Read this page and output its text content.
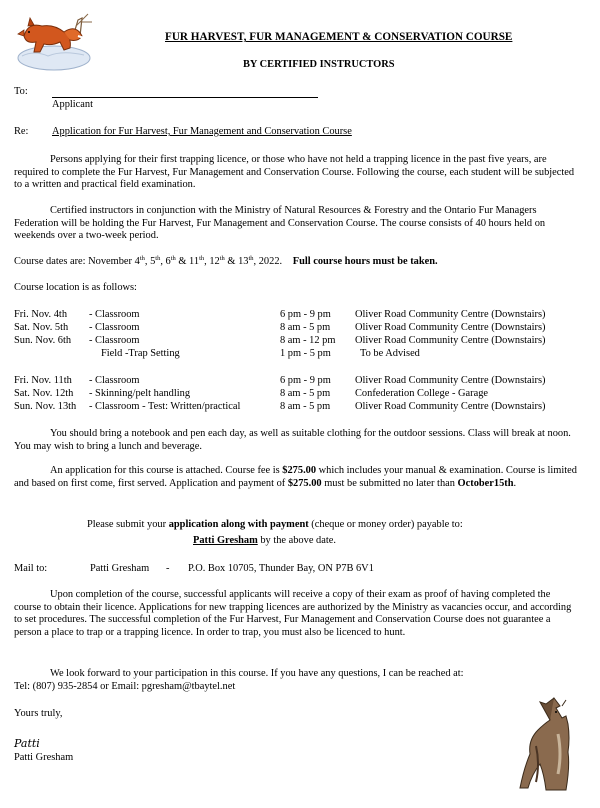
FUR HARVEST, FUR MANAGEMENT & CONSERVATION COURSE
BY CERTIFIED INSTRUCTORS
To:
Applicant
Re: Application for Fur Harvest, Fur Management and Conservation Course
Persons applying for their first trapping licence, or those who have not held a trapping licence in the past five years, are required to complete the Fur Harvest, Fur Management and Conservation Course. Following the course, each student will be subjected to a written and practical field examination.
Certified instructors in conjunction with the Ministry of Natural Resources & Forestry and the Ontario Fur Managers Federation will be holding the Fur Harvest, Fur Management and Conservation Course. The course consists of 40 hours held on weekends over a two-week period.
Course dates are: November 4th, 5th, 6th & 11th, 12th & 13th, 2022. Full course hours must be taken.
Course location is as follows:
Fri. Nov. 4th - Classroom	6 pm - 9 pm Oliver Road Community Centre (Downstairs)
Sat. Nov. 5th - Classroom	8 am - 5 pm Oliver Road Community Centre (Downstairs)
Sun. Nov. 6th - Classroom	8 am - 12 pm Oliver Road Community Centre (Downstairs)
Field -Trap Setting	1 pm - 5 pm	To be Advised
Fri. Nov. 11th - Classroom	6 pm - 9 pm Oliver Road Community Centre (Downstairs)
Sat. Nov. 12th - Skinning/pelt handling	8 am - 5 pm Confederation College - Garage
Sun. Nov. 13th - Classroom - Test: Written/practical	8 am - 5 pm Oliver Road Community Centre (Downstairs)
You should bring a notebook and pen each day, as well as suitable clothing for the outdoor sessions. Class will break at noon. You may wish to bring a lunch and beverage.
An application for this course is attached. Course fee is $275.00 which includes your manual & examination. Course is limited and based on first come, first served. Application and payment of $275.00 must be submitted no later than October15th.
Please submit your application along with payment (cheque or money order) payable to:
Patti Gresham by the above date.
Mail to:	Patti Gresham - P.O. Box 10705, Thunder Bay, ON P7B 6V1
Upon completion of the course, successful applicants will receive a copy of their exam as proof of having completed the course to obtain their licence. Applications for new trapping licences are authorized by the Ministry as vacancies occur, and according to set procedures. The successful completion of the Fur Harvest, Fur Management and Conservation Course does not guarantee a person a place to trap or a trapping licence. In order to trap, you must also be licenced to hunt.
We look forward to your participation in this course. If you have any questions, I can be reached at:
Tel: (807) 935-2854 or Email: pgresham@tbaytel.net
Yours truly,
Patti
Patti Gresham
